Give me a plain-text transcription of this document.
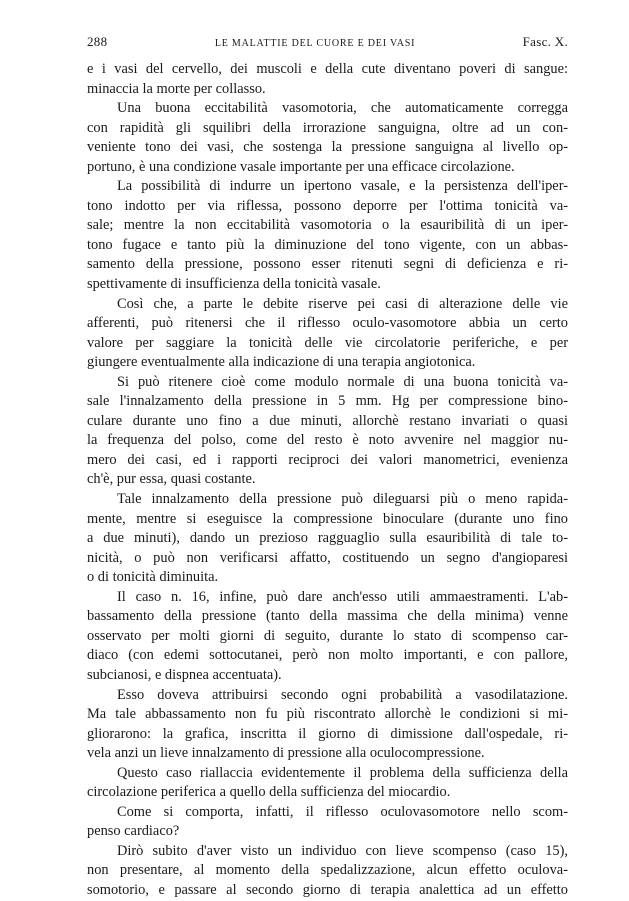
288	LE MALATTIE DEL CUORE E DEI VASI	Fasc. X.
e i vasi del cervello, dei muscoli e della cute diventano poveri di sangue:
minaccia la morte per collasso.
Una buona eccitabilità vasomotoria, che automaticamente corregga
con rapidità gli squilibri della irrorazione sanguigna, oltre ad un con-
veniente tono dei vasi, che sostenga la pressione sanguigna al livello op-
portuno, è una condizione vasale importante per una efficace circolazione.
La possibilità di indurre un ipertono vasale, e la persistenza dell'iper-
tono indotto per via riflessa, possono deporre per l'ottima tonicità va-
sale; mentre la non eccitabilità vasomotoria o la esauribilità di un iper-
tono fugace e tanto più la diminuzione del tono vigente, con un abbas-
samento della pressione, possono esser ritenuti segni di deficienza e ri-
spettivamente di insufficienza della tonicità vasale.
Così che, a parte le debite riserve pei casi di alterazione delle vie
afferenti, può ritenersi che il riflesso oculo-vasomotore abbia un certo
valore per saggiare la tonicità delle vie circolatorie periferiche, e per
giungere eventualmente alla indicazione di una terapia angiotonica.
Si può ritenere cioè come modulo normale di una buona tonicità va-
sale l'innalzamento della pressione in 5 mm. Hg per compressione bino-
culare durante uno fino a due minuti, allorchè restano invariati o quasi
la frequenza del polso, come del resto è noto avvenire nel maggior nu-
mero dei casi, ed i rapporti reciproci dei valori manometrici, evenienza
ch'è, pur essa, quasi costante.
Tale innalzamento della pressione può dileguarsi più o meno rapida-
mente, mentre si eseguisce la compressione binoculare (durante uno fino
a due minuti), dando un prezioso ragguaglio sulla esauribilità di tale to-
nicità, o può non verificarsi affatto, costituendo un segno d'angioparesi
o di tonicità diminuita.
Il caso n. 16, infine, può dare anch'esso utili ammaestramenti. L'ab-
bassamento della pressione (tanto della massima che della minima) venne
osservato per molti giorni di seguito, durante lo stato di scompenso car-
diaco (con edemi sottocutanei, però non molto importanti, e con pallore,
subcianosi, e dispnea accentuata).
Esso doveva attribuirsi secondo ogni probabilità a vasodilatazione.
Ma tale abbassamento non fu più riscontrato allorchè le condizioni si mi-
gliorarono: la grafica, inscritta il giorno di dimissione dall'ospedale, ri-
vela anzi un lieve innalzamento di pressione alla oculocompressione.
Questo caso riallaccia evidentemente il problema della sufficienza della
circolazione periferica a quello della sufficienza del miocardio.
Come si comporta, infatti, il riflesso oculovasomotore nello scom-
penso cardiaco?
Dirò subito d'aver visto un individuo con lieve scompenso (caso 15),
non presentare, al momento della spedalizzazione, alcun effetto oculova-
somotorio, e passare al secondo giorno di terapia analettica ad un effetto
